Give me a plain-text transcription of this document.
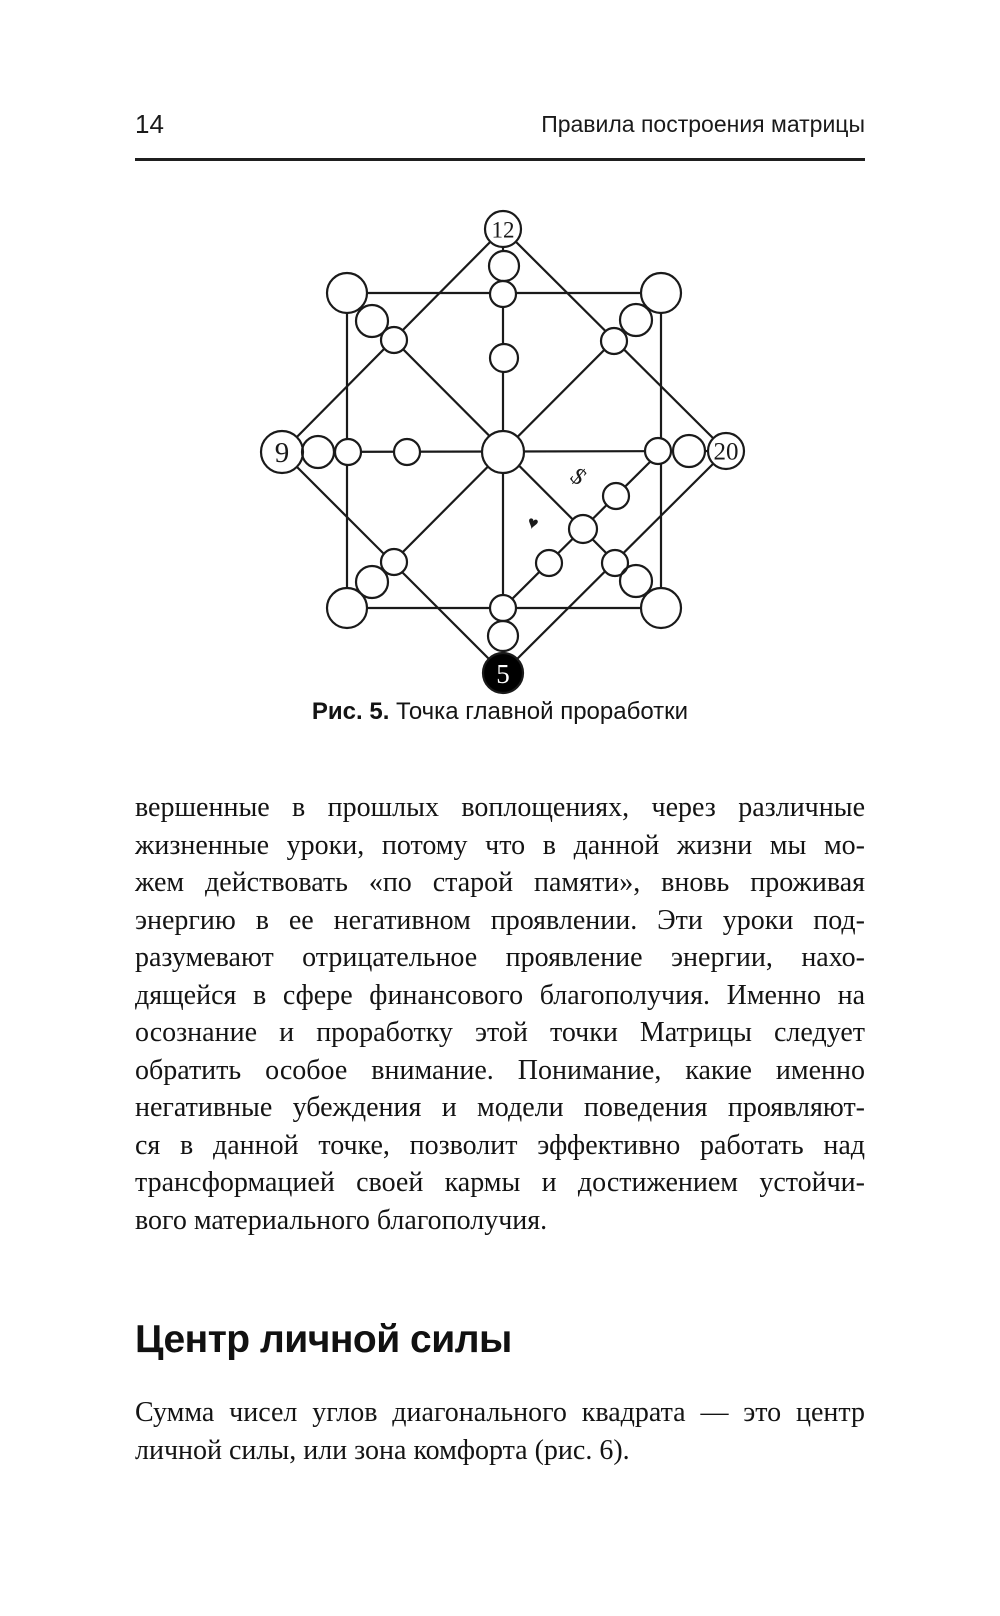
14	Правила построения матрицы
12
9	20
5
$
♥
Рис. 5. Точка главной проработки
вершенные в прошлых воплощениях, через различные
жизненные уроки, потому что в данной жизни мы мо-
жем действовать «по старой памяти», вновь проживая
энергию в ее негативном проявлении. Эти уроки под-
разумевают отрицательное проявление энергии, нахо-
дящейся в сфере финансового благополучия. Именно на
осознание и проработку этой точки Матрицы следует
обратить особое внимание. Понимание, какие именно
негативные убеждения и модели поведения проявляют-
ся в данной точке, позволит эффективно работать над
трансформацией своей кармы и достижением устойчи-
вого материального благополучия.
Центр личной силы
Сумма чисел углов диагонального квадрата — это центр
личной силы, или зона комфорта (рис. 6).
